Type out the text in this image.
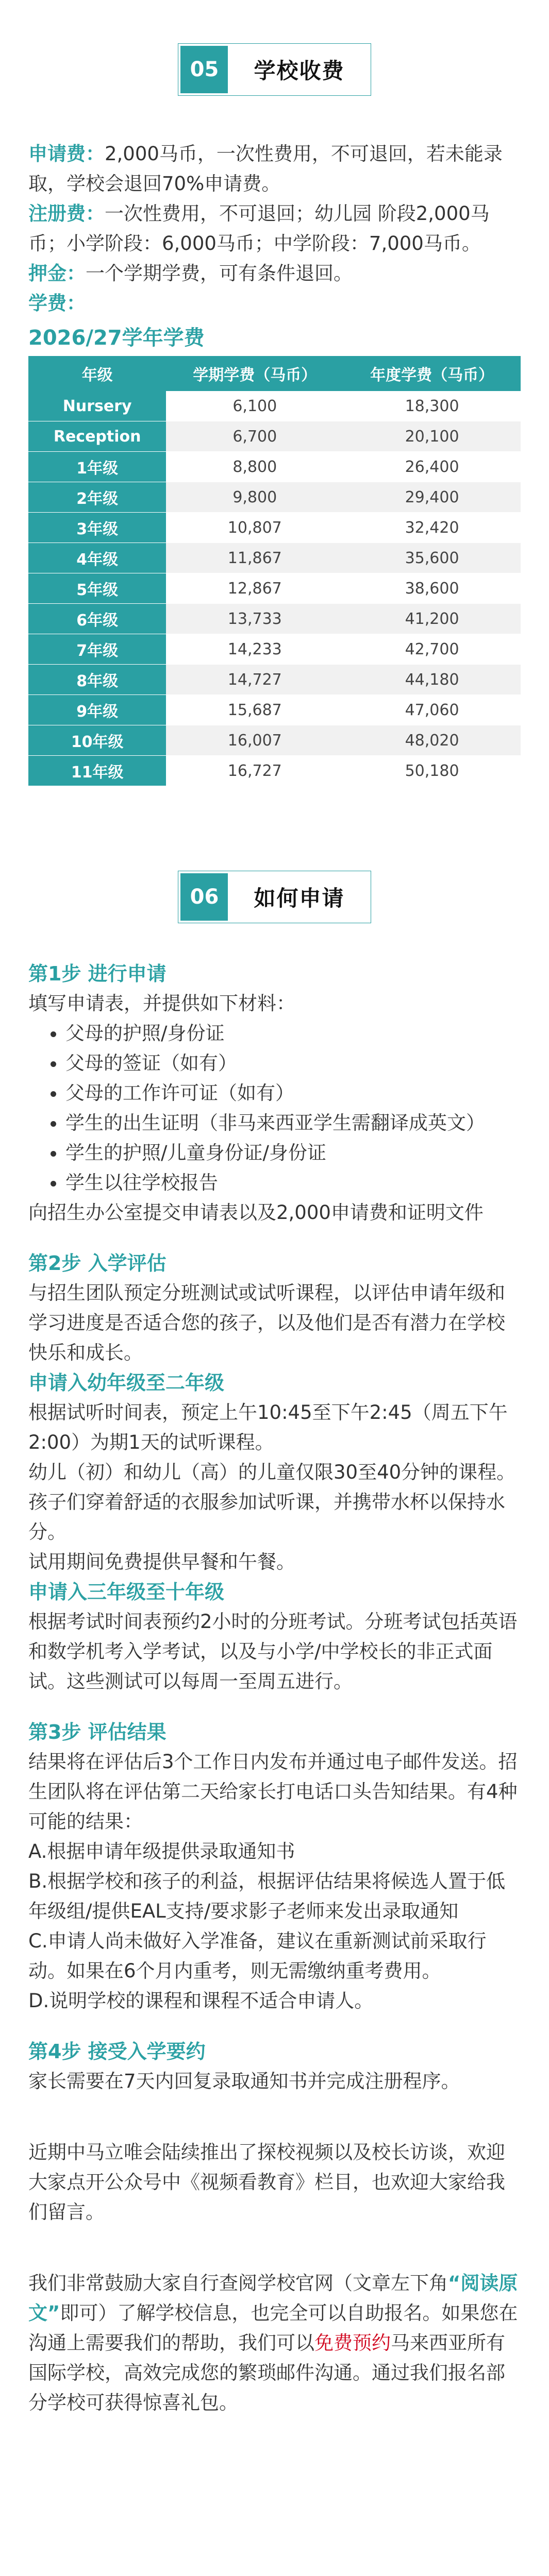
05	学校收费

申请费：2,000马币，一次性费用，不可退回，若未能录取，学校会退回70%申请费。

注册费：一次性费用，不可退回；幼儿园 阶段2,000马币；小学阶段：6,000马币；中学阶段：7,000马币。

押金：一个学期学费，可有条件退回。

学费：

2026/27学年学费
年级	学期学费（马币）	年度学费（马币）
Nursery	6,100	18,300
Reception	6,700	20,100
1年级	8,800	26,400
2年级	9,800	29,400
3年级	10,807	32,420
4年级	11,867	35,600
5年级	12,867	38,600
6年级	13,733	41,200
7年级	14,233	42,700
8年级	14,727	44,180
9年级	15,687	47,060
10年级	16,007	48,020
11年级	16,727	50,180
06	如何申请

第1步 进行申请

填写申请表，并提供如下材料：

• 父母的护照/身份证
• 父母的签证（如有）
• 父母的工作许可证（如有）
• 学生的出生证明（非马来西亚学生需翻译成英文）
• 学生的护照/儿童身份证/身份证
• 学生以往学校报告

向招生办公室提交申请表以及2,000申请费和证明文件

第2步 入学评估

与招生团队预定分班测试或试听课程，以评估申请年级和学习进度是否适合您的孩子，以及他们是否有潜力在学校快乐和成长。

申请入幼年级至二年级

根据试听时间表，预定上午10:45至下午2:45（周五下午2:00）为期1天的试听课程。

幼儿（初）和幼儿（高）的儿童仅限30至40分钟的课程。孩子们穿着舒适的衣服参加试听课，并携带水杯以保持水分。

试用期间免费提供早餐和午餐。

申请入三年级至十年级

根据考试时间表预约2小时的分班考试。分班考试包括英语和数学机考入学考试，以及与小学/中学校长的非正式面试。这些测试可以每周一至周五进行。

第3步 评估结果

结果将在评估后3个工作日内发布并通过电子邮件发送。招生团队将在评估第二天给家长打电话口头告知结果。有4种可能的结果：

A.根据申请年级提供录取通知书

B.根据学校和孩子的利益，根据评估结果将候选人置于低年级组/提供EAL支持/要求影子老师来发出录取通知

C.申请人尚未做好入学准备，建议在重新测试前采取行动。如果在6个月内重考，则无需缴纳重考费用。

D.说明学校的课程和课程不适合申请人。

第4步 接受入学要约

家长需要在7天内回复录取通知书并完成注册程序。

近期中马立唯会陆续推出了探校视频以及校长访谈，欢迎大家点开公众号中《视频看教育》栏目，也欢迎大家给我们留言。

我们非常鼓励大家自行查阅学校官网（文章左下角“阅读原文”即可）了解学校信息，也完全可以自助报名。如果您在沟通上需要我们的帮助，我们可以免费预约马来西亚所有国际学校，高效完成您的繁琐邮件沟通。通过我们报名部分学校可获得惊喜礼包。
